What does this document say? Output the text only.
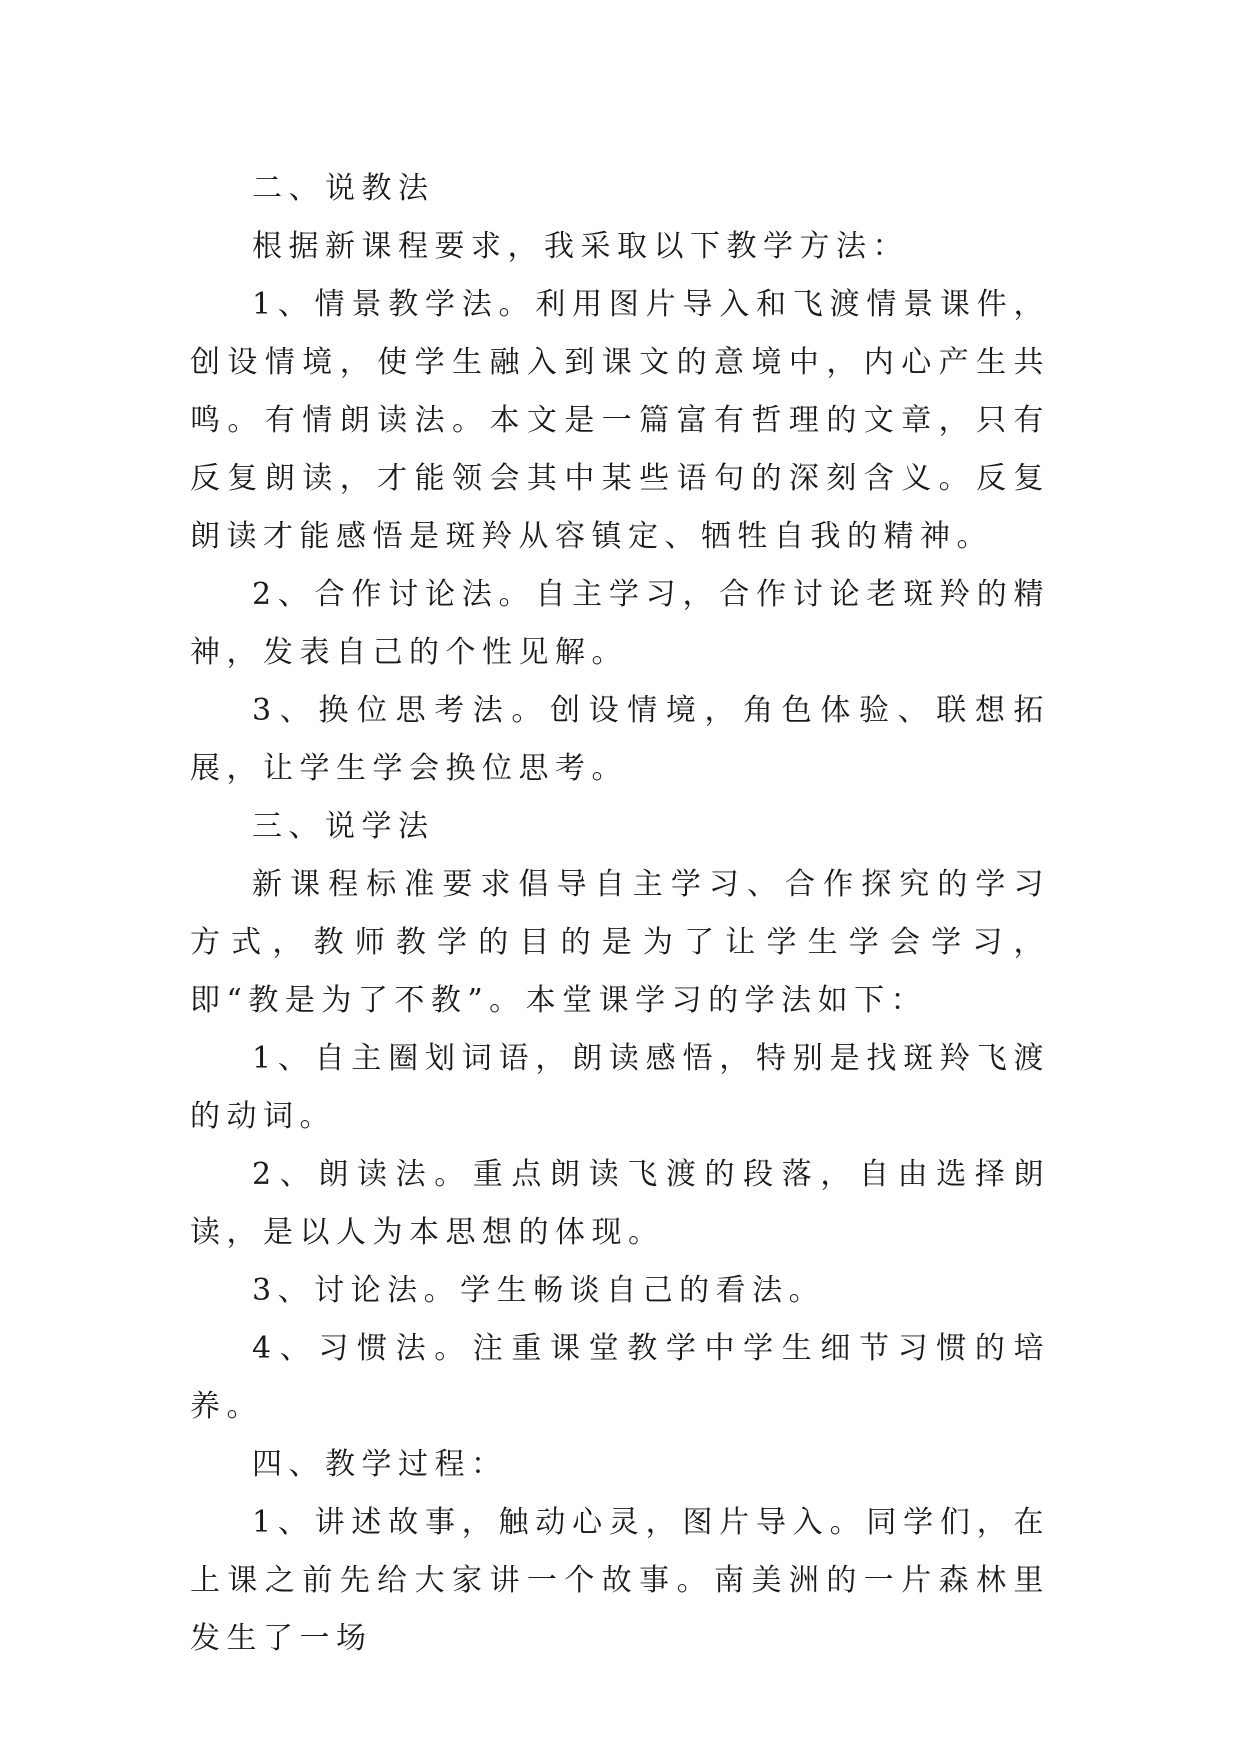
二、说教法

根据新课程要求，我采取以下教学方法：

1、情景教学法。利用图片导入和飞渡情景课件，创设情境，使学生融入到课文的意境中，内心产生共鸣。有情朗读法。本文是一篇富有哲理的文章，只有反复朗读，才能领会其中某些语句的深刻含义。反复朗读才能感悟是斑羚从容镇定、牺牲自我的精神。

2、合作讨论法。自主学习，合作讨论老斑羚的精神，发表自己的个性见解。

3、换位思考法。创设情境，角色体验、联想拓展，让学生学会换位思考。

三、说学法

新课程标准要求倡导自主学习、合作探究的学习方式，教师教学的目的是为了让学生学会学习，即“教是为了不教”。本堂课学习的学法如下：

1、自主圈划词语，朗读感悟，特别是找斑羚飞渡的动词。

2、朗读法。重点朗读飞渡的段落，自由选择朗读，是以人为本思想的体现。

3、讨论法。学生畅谈自己的看法。

4、习惯法。注重课堂教学中学生细节习惯的培养。

四、教学过程：

1、讲述故事，触动心灵，图片导入。同学们，在上课之前先给大家讲一个故事。南美洲的一片森林里发生了一场
